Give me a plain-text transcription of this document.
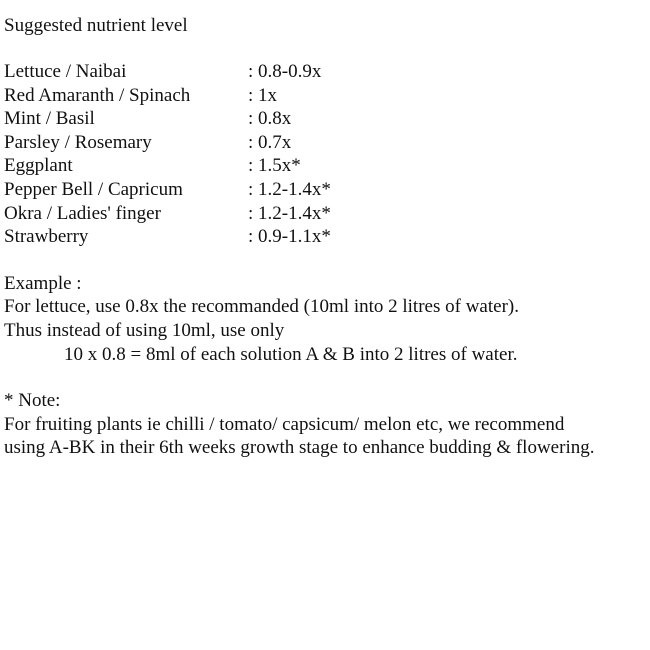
Suggested nutrient level
Lettuce / Naibai	: 0.8-0.9x
Red Amaranth / Spinach	: 1x
Mint / Basil	: 0.8x
Parsley / Rosemary	: 0.7x
Eggplant	: 1.5x*
Pepper Bell / Capricum	: 1.2-1.4x*
Okra / Ladies' finger	: 1.2-1.4x*
Strawberry	: 0.9-1.1x*
Example :
For lettuce, use 0.8x the recommanded (10ml into 2 litres of water).
Thus instead of using 10ml, use only
10 x 0.8 = 8ml of each solution A & B into 2 litres of water.
* Note:
For fruiting plants ie chilli / tomato/ capsicum/ melon etc, we recommend
using A-BK in their 6th weeks growth stage to enhance budding & flowering.
